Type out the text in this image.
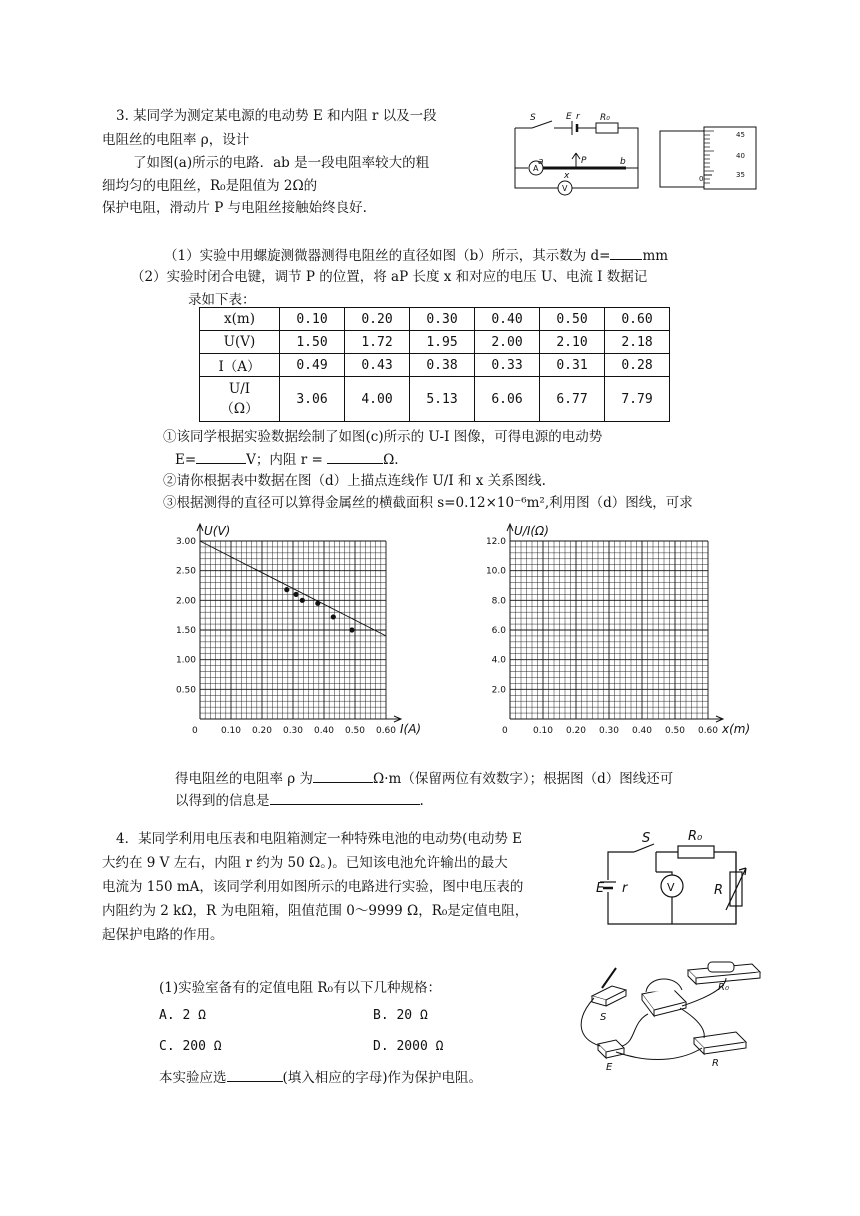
3. 某同学为测定某电源的电动势 E 和内阻 r 以及一段
电阻丝的电阻率 ρ，设计
了如图(a)所示的电路．ab 是一段电阻率较大的粗
细均匀的电阻丝，R₀是阻值为 2Ω的
保护电阻，滑动片 P 与电阻丝接触始终良好.
S	E r R₀
a	b
P
x
A
V
45
40
35
0
（1）实验中用螺旋测微器测得电阻丝的直径如图（b）所示，其示数为 d= mm
（2）实验时闭合电键，调节 P 的位置，将 aP 长度 x 和对应的电压 U、电流 I 数据记
录如下表：
x(m)	0.10	0.20	0.30	0.40	0.50	0.60
U(V)	1.50	1.72	1.95	2.00	2.10	2.18
I（A）	0.49	0.43	0.38	0.33	0.31	0.28

U/I
（Ω）	3.06	4.00	5.13	6.06	6.77	7.79
①该同学根据实验数据绘制了如图(c)所示的 U-I 图像，可得电源的电动势
E=	V；内阻 r =	Ω.
②请你根据表中数据在图（d）上描点连线作 U/I 和 x 关系图线.
③根据测得的直径可以算得金属丝的横截面积 s=0.12×10⁻⁶m²,利用图（d）图线，可求
0.10 0.20 0.30 0.40 0.50 0.60
0.50
1.00
1.50
2.00
2.50
3.00
0
U(V)
I(A)	0.10 0.20 0.30 0.40 0.50 0.60
2.0
4.0
6.0
8.0
10.0
12.0
0
U/I(Ω)
x(m)
得电阻丝的电阻率 ρ 为	Ω·m（保留两位有效数字）；根据图（d）图线还可
以得到的信息是	.
4．某同学利用电压表和电阻箱测定一种特殊电池的电动势(电动势 E
大约在 9 V 左右，内阻 r 约为 50 Ω。)。已知该电池允许输出的最大
电流为 150 mA，该同学利用如图所示的电路进行实验，图中电压表的
内阻约为 2 kΩ，R 为电阻箱，阻值范围 0～9999 Ω，R₀是定值电阻，
起保护电路的作用。
S	R₀
V
E r	R
(1)实验室备有的定值电阻 R₀有以下几种规格：
A. 2 Ω	B. 20 Ω
C. 200 Ω	D. 2000 Ω
本实验应选	(填入相应的字母)作为保护电阻。
S
R₀
E	R
